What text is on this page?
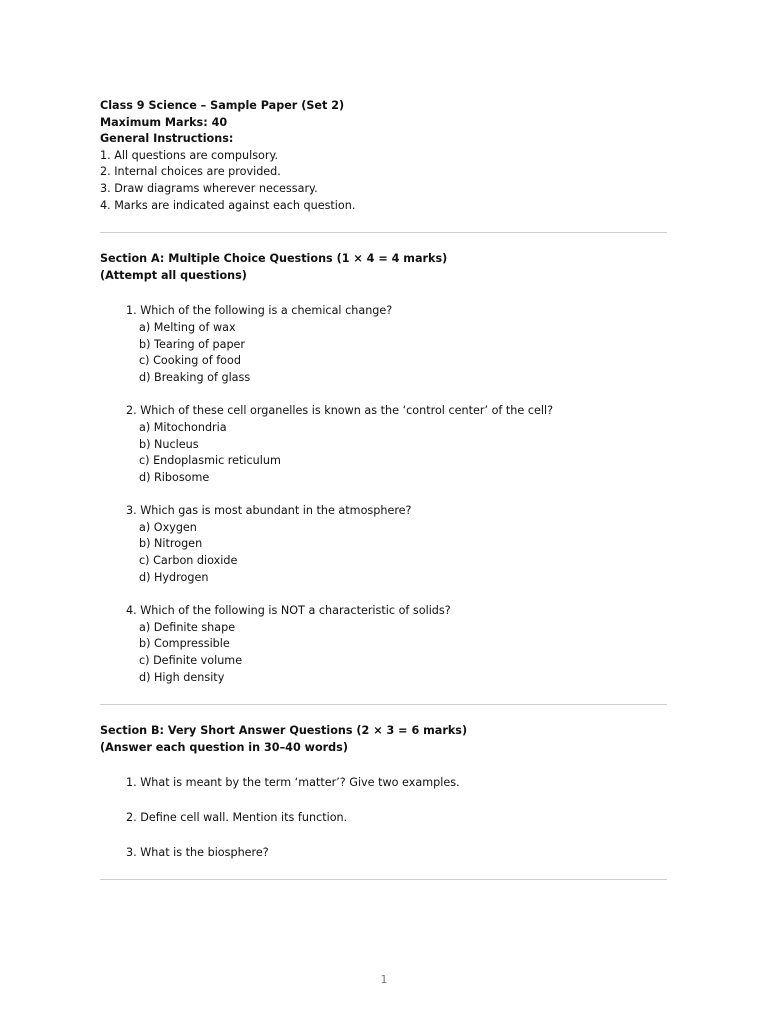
Class 9 Science – Sample Paper (Set 2)
Maximum Marks: 40
General Instructions:
1. All questions are compulsory.
2. Internal choices are provided.
3. Draw diagrams wherever necessary.
4. Marks are indicated against each question.
Section A: Multiple Choice Questions (1 × 4 = 4 marks)
(Attempt all questions)
1. Which of the following is a chemical change?
a) Melting of wax
b) Tearing of paper
c) Cooking of food
d) Breaking of glass
2. Which of these cell organelles is known as the ‘control center’ of the cell?
a) Mitochondria
b) Nucleus
c) Endoplasmic reticulum
d) Ribosome
3. Which gas is most abundant in the atmosphere?
a) Oxygen
b) Nitrogen
c) Carbon dioxide
d) Hydrogen
4. Which of the following is NOT a characteristic of solids?
a) Definite shape
b) Compressible
c) Definite volume
d) High density
Section B: Very Short Answer Questions (2 × 3 = 6 marks)
(Answer each question in 30–40 words)
1. What is meant by the term ‘matter’? Give two examples.
2. Define cell wall. Mention its function.
3. What is the biosphere?
1
